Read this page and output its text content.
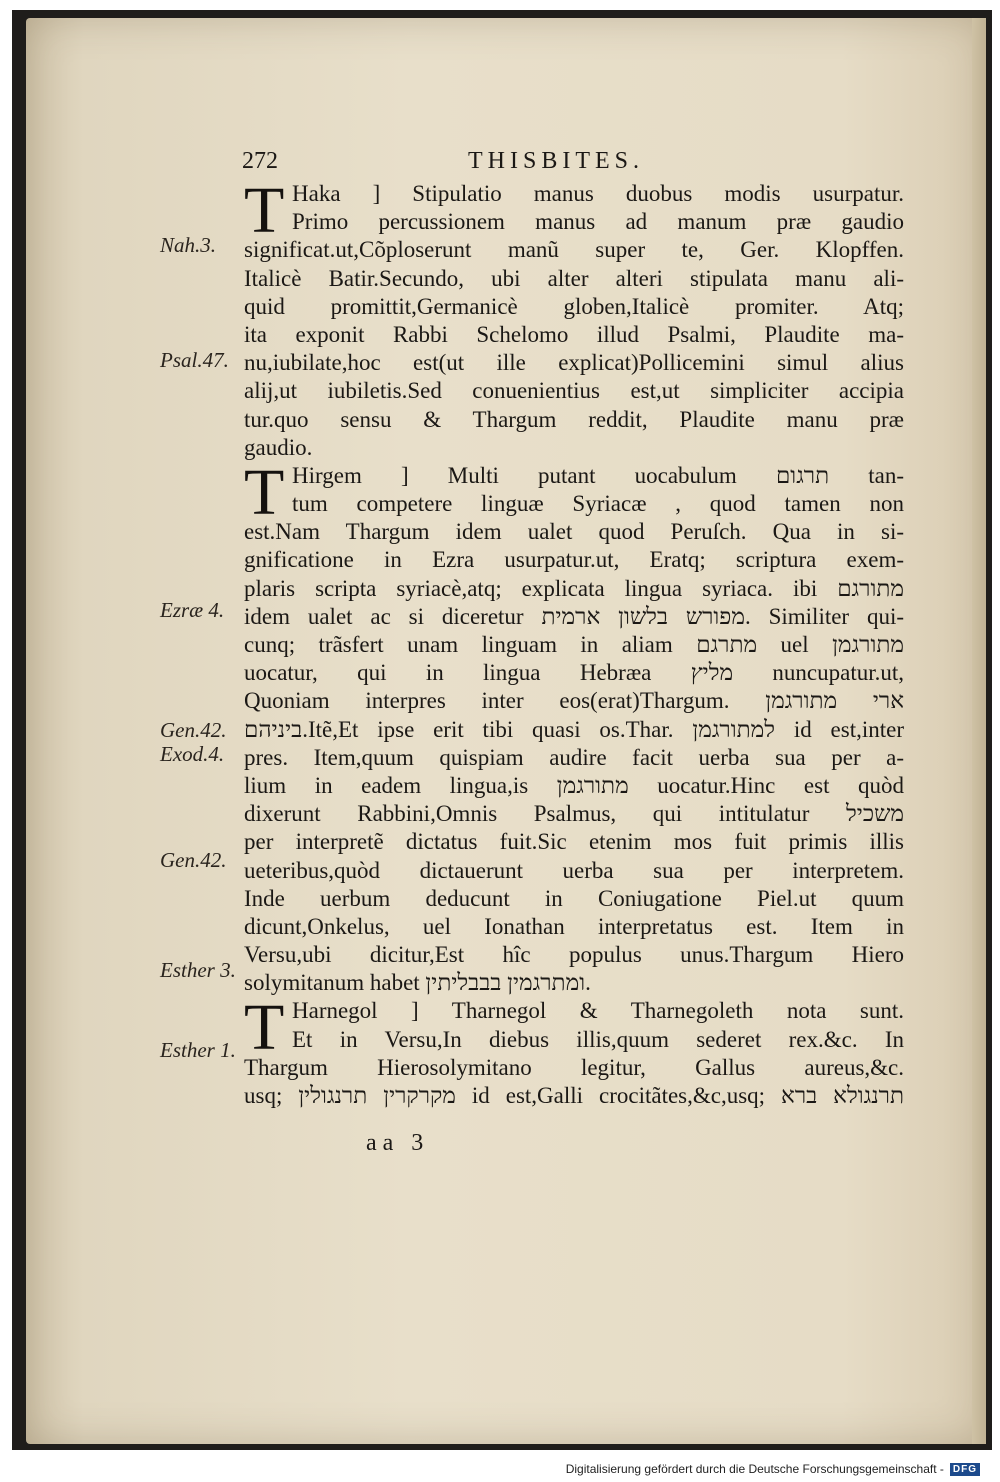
272	THISBITES.
Nah.3.
Psal.47.
Ezræ 4.
Gen.42.
Exod.4.
Gen.42.
Esther 3.
Esther 1.
T Haka ] Stipulatio manus duobus modis usurpatur.
Primo percussionem manus ad manum præ gaudio
significat.ut,Cõploserunt manũ super te, Ger. Klopffen.
Italicè Batir.Secundo, ubi alter alteri stipulata manu ali-
quid promittit,Germanicè globen,Italicè promiter. Atq;
ita exponit Rabbi Schelomo illud Psalmi, Plaudite ma-
nu,iubilate,hoc est(ut ille explicat)Pollicemini simul alius
alij,ut iubiletis.Sed conuenientius est,ut simpliciter accipia
tur.quo sensu & Thargum reddit, Plaudite manu præ
gaudio.
T Hirgem ] Multi putant uocabulum תרגום tan-
tum competere linguæ Syriacæ , quod tamen non
est.Nam Thargum idem ualet quod Peruſch. Qua in si-
gnificatione in Ezra usurpatur.ut, Eratq; scriptura exem-
plaris scripta syriacè,atq; explicata lingua syriaca. ibi מתורגם
idem ualet ac si diceretur מפורש בלשון ארמית. Similiter qui-
cunq; trãsfert unam linguam in aliam מתרגם uel מתורגמן
uocatur, qui in lingua Hebræa מליץ nuncupatur.ut,
Quoniam interpres inter eos(erat)Thargum. ארי מתורגמן
ביניהם.Itẽ,Et ipse erit tibi quasi os.Thar. למתורגמן id est,inter
pres. Item,quum quispiam audire facit uerba sua per a-
lium in eadem lingua,is מתורגמן uocatur.Hinc est quòd
dixerunt Rabbini,Omnis Psalmus, qui intitulatur משכיל
per interpretẽ dictatus fuit.Sic etenim mos fuit primis illis
ueteribus,quòd dictauerunt uerba sua per interpretem.
Inde uerbum deducunt in Coniugatione Piel.ut quum
dicunt,Onkelus, uel Ionathan interpretatus est. Item in
Versu,ubi dicitur,Est hîc populus unus.Thargum Hiero
solymitanum habet ומתרגמין בבבליתין.
T Harnegol ] Tharnegol & Tharnegoleth nota sunt.
Et in Versu,In diebus illis,quum sederet rex.&c. In
Thargum Hierosolymitano legitur, Gallus aureus,&c.
usq; מקרקרין תרנגולין id est,Galli crocitãtes,&c,usq; תרנגולא ברא
aa 3
Digitalisierung gefördert durch die Deutsche Forschungsgemeinschaft - DFG
